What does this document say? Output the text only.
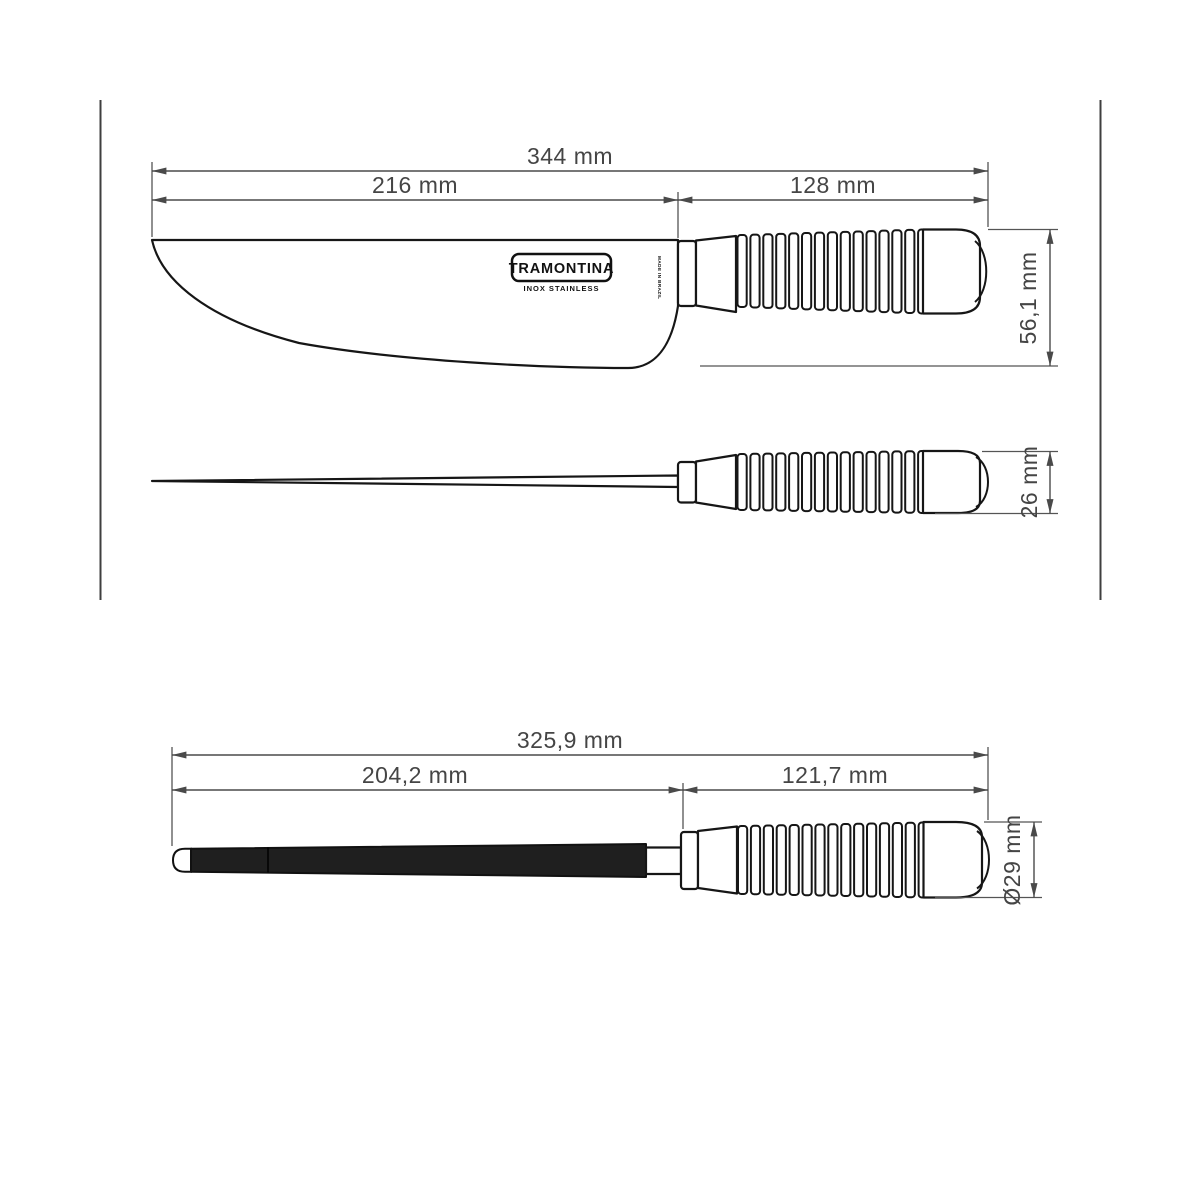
344 mm
216 mm	128 mm
TRAMONTINA
INOX STAINLESS	MADE IN BRAZIL	56,1 mm
26 mm
325,9 mm
204,2 mm	121,7 mm
Ø29 mm
